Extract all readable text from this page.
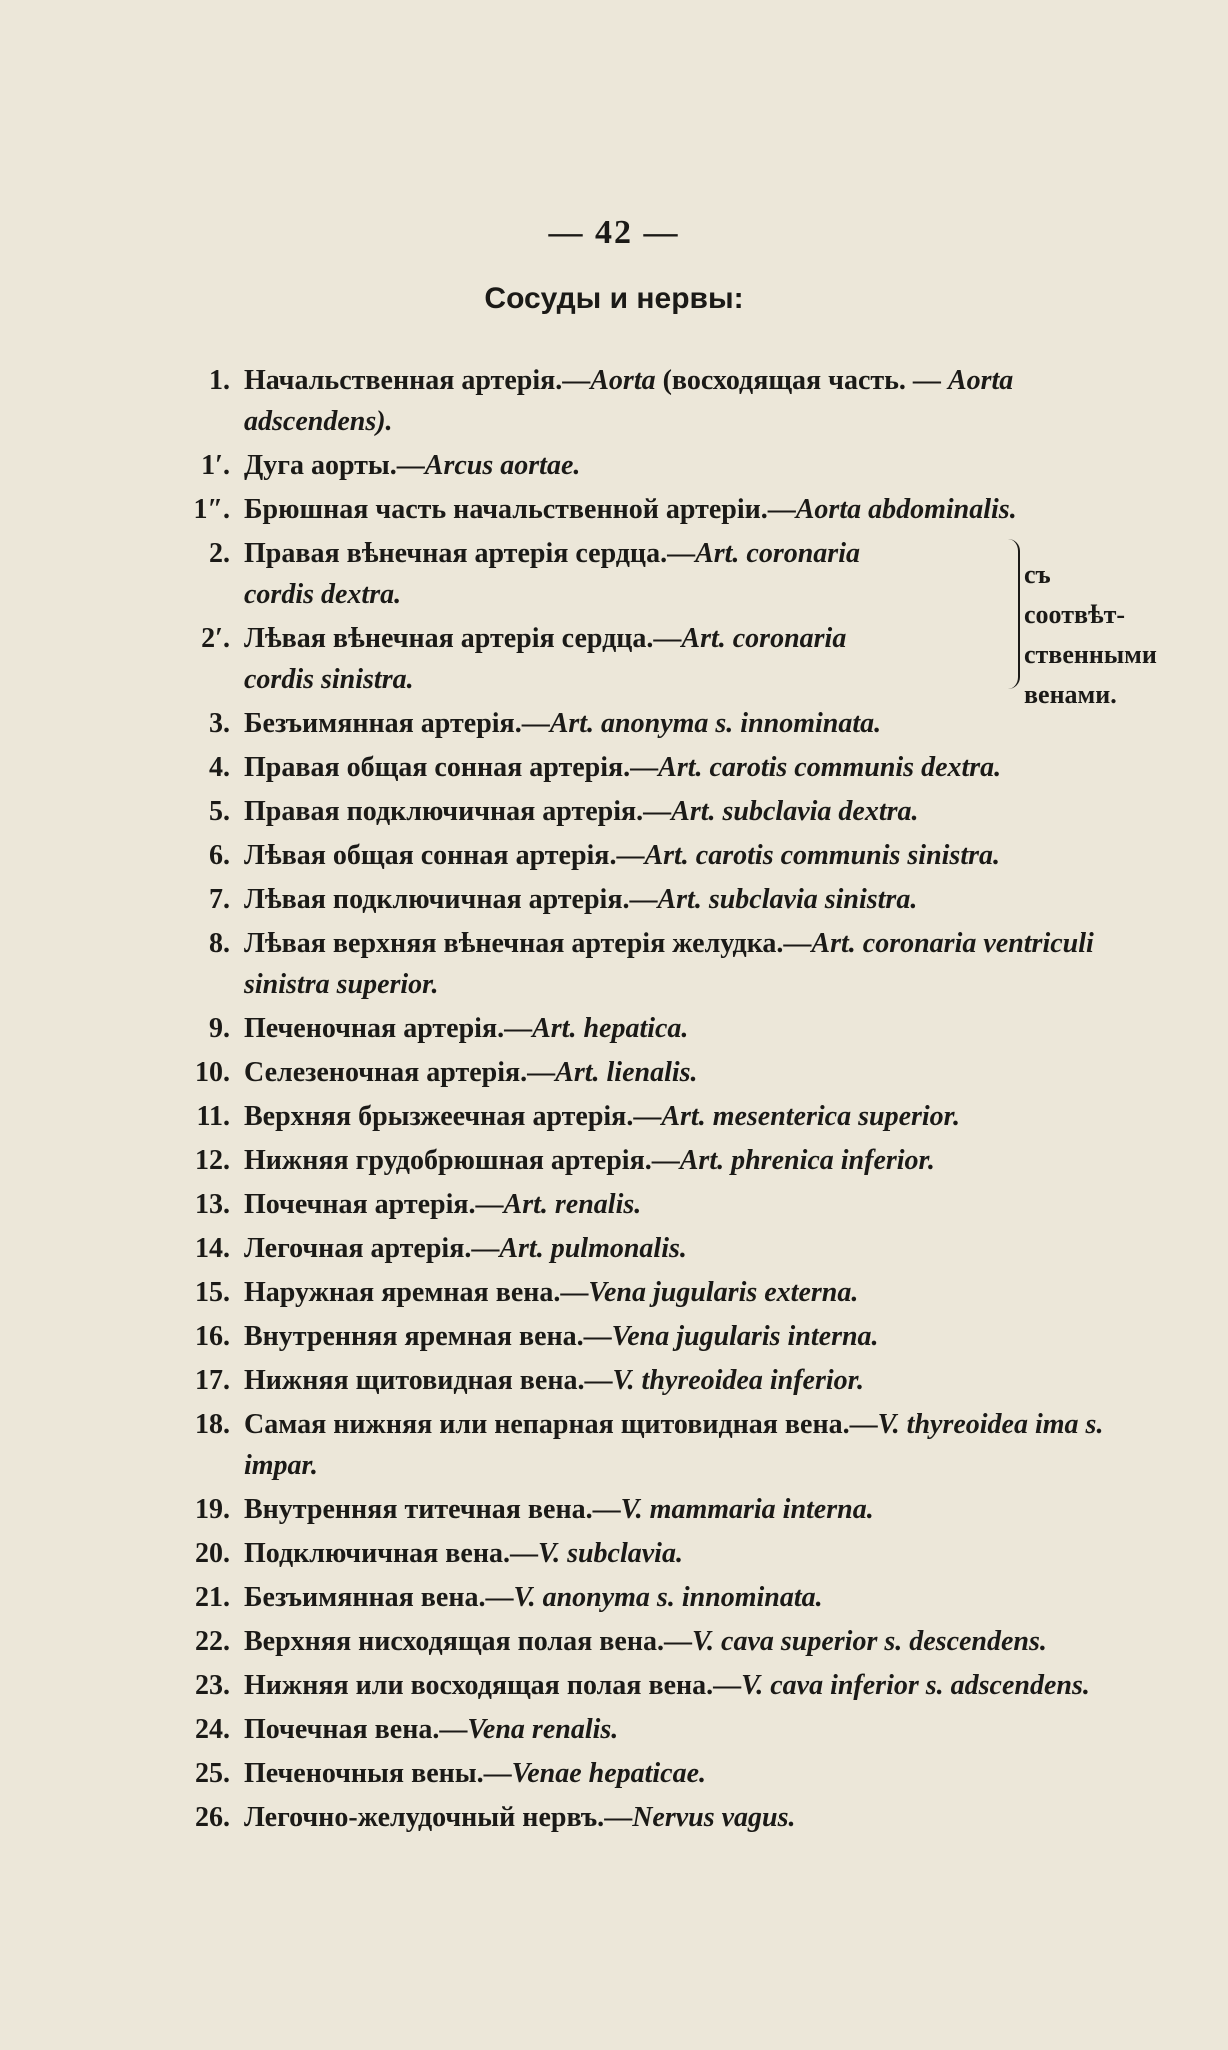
— 42 —
Сосуды и нервы:
1. Начальственная артерія.—Aorta (восходящая часть. — Aorta adscendens).
1′. Дуга аорты.—Arcus aortae.
1″. Брюшная часть начальственной артеріи.—Aorta abdominalis.
2. Правая вѣнечная артерія сердца.—Art. coronaria
cordis dextra.
2′. Лѣвая вѣнечная артерія сердца.—Art. coronaria
cordis sinistra.
съ соотвѣт-
ственными
венами.
3. Безъимянная артерія.—Art. anonyma s. innominata.
4. Правая общая сонная артерія.—Art. carotis communis dextra.
5. Правая подключичная артерія.—Art. subclavia dextra.
6. Лѣвая общая сонная артерія.—Art. carotis communis sinistra.
7. Лѣвая подключичная артерія.—Art. subclavia sinistra.
8. Лѣвая верхняя вѣнечная артерія желудка.—Art. coronaria ventriculi sinistra superior.
9. Печеночная артерія.—Art. hepatica.
10. Селезеночная артерія.—Art. lienalis.
11. Верхняя брызжеечная артерія.—Art. mesenterica superior.
12. Нижняя грудобрюшная артерія.—Art. phrenica inferior.
13. Почечная артерія.—Art. renalis.
14. Легочная артерія.—Art. pulmonalis.
15. Наружная яремная вена.—Vena jugularis externa.
16. Внутренняя яремная вена.—Vena jugularis interna.
17. Нижняя щитовидная вена.—V. thyreoidea inferior.
18. Самая нижняя или непарная щитовидная вена.—V. thyreoidea ima s. impar.
19. Внутренняя титечная вена.—V. mammaria interna.
20. Подключичная вена.—V. subclavia.
21. Безъимянная вена.—V. anonyma s. innominata.
22. Верхняя нисходящая полая вена.—V. cava superior s. descendens.
23. Нижняя или восходящая полая вена.—V. cava inferior s. adscendens.
24. Почечная вена.—Vena renalis.
25. Печеночныя вены.—Venae hepaticae.
26. Легочно-желудочный нервъ.—Nervus vagus.
